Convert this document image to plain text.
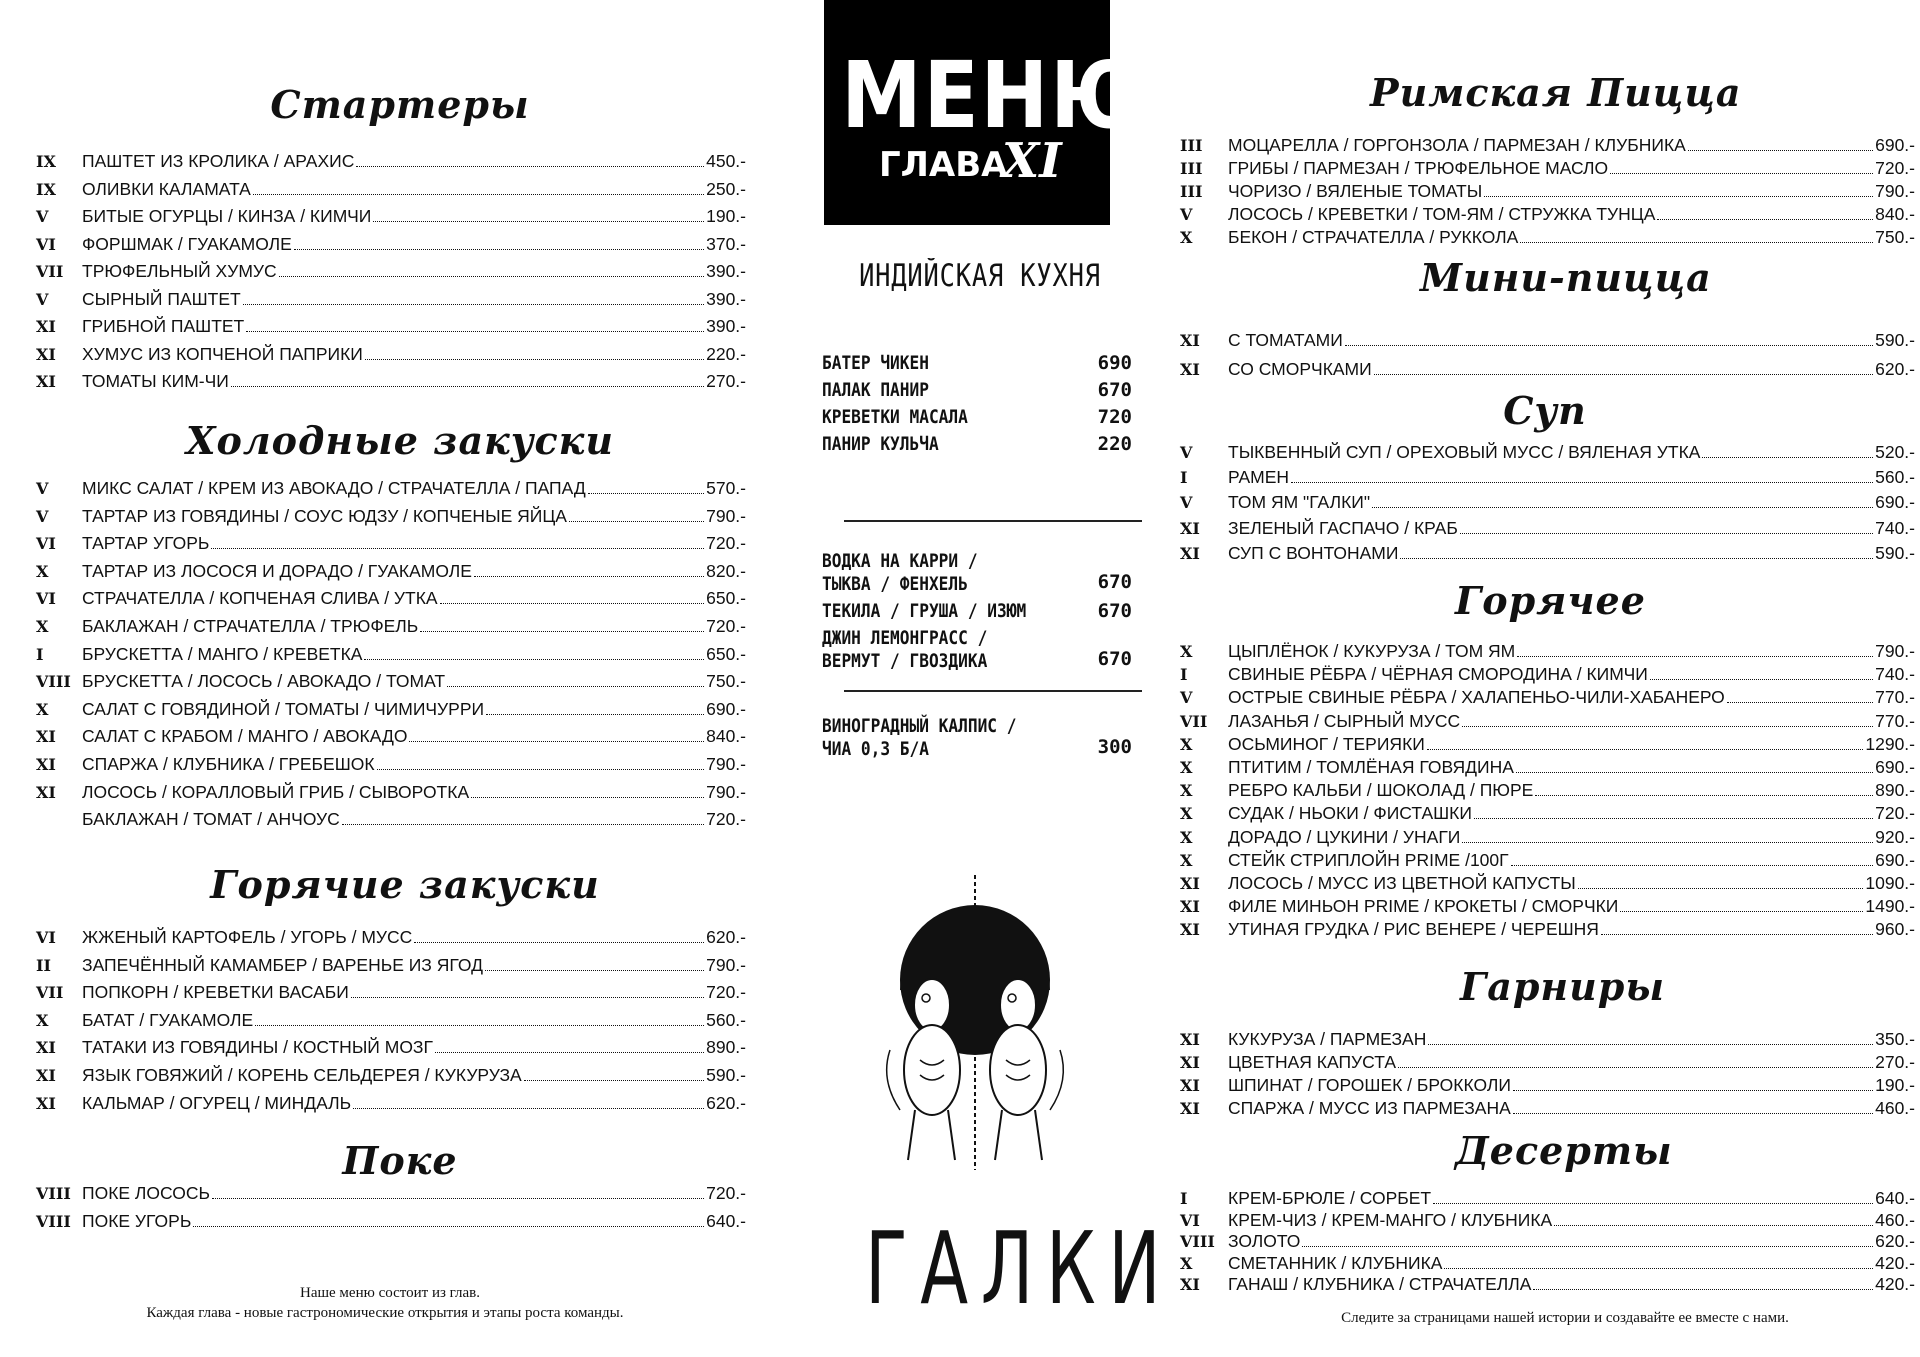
Стартеры
IX	ПАШТЕТ ИЗ КРОЛИКА / АРАХИС	450.-
IX	ОЛИВКИ КАЛАМАТА	250.-
V	БИТЫЕ ОГУРЦЫ / КИНЗА / КИМЧИ	190.-
VI	ФОРШМАК / ГУАКАМОЛЕ	370.-
VII	ТРЮФЕЛЬНЫЙ ХУМУС	390.-
V	СЫРНЫЙ ПАШТЕТ	390.-
XI	ГРИБНОЙ ПАШТЕТ	390.-
XI	ХУМУС ИЗ КОПЧЕНОЙ ПАПРИКИ	220.-
XI	ТОМАТЫ КИМ-ЧИ	270.-
Холодные закуски
V	МИКС САЛАТ / КРЕМ ИЗ АВОКАДО / СТРАЧАТЕЛЛА / ПАПАД	570.-
V	ТАРТАР ИЗ ГОВЯДИНЫ / СОУС ЮДЗУ / КОПЧЕНЫЕ ЯЙЦА	790.-
VI	ТАРТАР УГОРЬ	720.-
X	ТАРТАР ИЗ ЛОСОСЯ И ДОРАДО / ГУАКАМОЛЕ	820.-
VI	СТРАЧАТЕЛЛА / КОПЧЕНАЯ СЛИВА / УТКА	650.-
X	БАКЛАЖАН / СТРАЧАТЕЛЛА / ТРЮФЕЛЬ	720.-
I	БРУСКЕТТА / МАНГО / КРЕВЕТКА	650.-
VIII БРУСКЕТТА / ЛОСОСЬ / АВОКАДО / ТОМАТ	750.-
X	САЛАТ С ГОВЯДИНОЙ / ТОМАТЫ / ЧИМИЧУРРИ	690.-
XI	САЛАТ С КРАБОМ / МАНГО / АВОКАДО	840.-
XI	СПАРЖА / КЛУБНИКА / ГРЕБЕШОК	790.-
XI	ЛОСОСЬ / КОРАЛЛОВЫЙ ГРИБ / СЫВОРОТКА	790.-
БАКЛАЖАН / ТОМАТ / АНЧОУС	720.-
Горячие закуски
VI	ЖЖЕНЫЙ КАРТОФЕЛЬ / УГОРЬ / МУСС	620.-
II	ЗАПЕЧЁННЫЙ КАМАМБЕР / ВАРЕНЬЕ ИЗ ЯГОД	790.-
VII	ПОПКОРН / КРЕВЕТКИ ВАСАБИ	720.-
X	БАТАТ / ГУАКАМОЛЕ	560.-
XI	ТАТАКИ ИЗ ГОВЯДИНЫ / КОСТНЫЙ МОЗГ	890.-
XI	ЯЗЫК ГОВЯЖИЙ / КОРЕНЬ СЕЛЬДЕРЕЯ / КУКУРУЗА	590.-
XI	КАЛЬМАР / ОГУРЕЦ / МИНДАЛЬ	620.-
Поке
VIII ПОКЕ ЛОСОСЬ	720.-
VIII ПОКЕ УГОРЬ	640.-
Наше меню состоит из глав.
Каждая глава - новые гастрономические открытия и этапы роста команды.
МЕНЮ
ГЛАВА
XI
ИНДИЙСКАЯ КУХНЯ
БАТЕР ЧИКЕН	690
ПАЛАК ПАНИР	670
КРЕВЕТКИ МАСАЛА	720
ПАНИР КУЛЬЧА	220
ВОДКА НА КАРРИ / ТЫКВА / ФЕНХЕЛЬ	670
ТЕКИЛА / ГРУША / ИЗЮМ	670
ДЖИН ЛЕМОНГРАСС / ВЕРМУТ / ГВОЗДИКА	670
ВИНОГРАДНЫЙ КАЛПИС / ЧИА 0,3 Б/А	300
ГАЛКИ
Римская Пицца
III	МОЦАРЕЛЛА / ГОРГОНЗОЛА / ПАРМЕЗАН / КЛУБНИКА	690.-
III	ГРИБЫ / ПАРМЕЗАН / ТРЮФЕЛЬНОЕ МАСЛО	720.-
III	ЧОРИЗО / ВЯЛЕНЫЕ ТОМАТЫ	790.-
V	ЛОСОСЬ / КРЕВЕТКИ / ТОМ-ЯМ / СТРУЖКА ТУНЦА	840.-
X	БЕКОН / СТРАЧАТЕЛЛА / РУККОЛА	750.-
Мини-пицца
XI	С ТОМАТАМИ	590.-
XI	СО СМОРЧКАМИ	620.-
Суп
V	ТЫКВЕННЫЙ СУП / ОРЕХОВЫЙ МУСС / ВЯЛЕНАЯ УТКА	520.-
I	РАМЕН	560.-
V	ТОМ ЯМ "ГАЛКИ"	690.-
XI	ЗЕЛЕНЫЙ ГАСПАЧО / КРАБ	740.-
XI	СУП С ВОНТОНАМИ	590.-
Горячее
X	ЦЫПЛЁНОК / КУКУРУЗА / ТОМ ЯМ	790.-
I	СВИНЫЕ РЁБРА / ЧЁРНАЯ СМОРОДИНА / КИМЧИ	740.-
V	ОСТРЫЕ СВИНЫЕ РЁБРА / ХАЛАПЕНЬО-ЧИЛИ-ХАБАНЕРО	770.-
VII	ЛАЗАНЬЯ / СЫРНЫЙ МУСС	770.-
X	ОСЬМИНОГ / ТЕРИЯКИ	1290.-
X	ПТИТИМ / ТОМЛЁНАЯ ГОВЯДИНА	690.-
X	РЕБРО КАЛЬБИ / ШОКОЛАД / ПЮРЕ	890.-
X	СУДАК / НЬОКИ / ФИСТАШКИ	720.-
X	ДОРАДО / ЦУКИНИ / УНАГИ	920.-
X	СТЕЙК СТРИПЛОЙН PRIME /100Г	690.-
XI	ЛОСОСЬ / МУСС ИЗ ЦВЕТНОЙ КАПУСТЫ	1090.-
XI	ФИЛЕ МИНЬОН PRIME / КРОКЕТЫ / СМОРЧКИ	1490.-
XI	УТИНАЯ ГРУДКА / РИС ВЕНЕРЕ / ЧЕРЕШНЯ	960.-
Гарниры
XI	КУКУРУЗА / ПАРМЕЗАН	350.-
XI	ЦВЕТНАЯ КАПУСТА	270.-
XI	ШПИНАТ / ГОРОШЕК / БРОККОЛИ	190.-
XI	СПАРЖА / МУСС ИЗ ПАРМЕЗАНА	460.-
Десерты
I	КРЕМ-БРЮЛЕ / СОРБЕТ	640.-
VI	КРЕМ-ЧИЗ / КРЕМ-МАНГО / КЛУБНИКА	460.-
VIII ЗОЛОТО	620.-
X	СМЕТАННИК / КЛУБНИКА	420.-
XI	ГАНАШ / КЛУБНИКА / СТРАЧАТЕЛЛА	420.-
Следите за страницами нашей истории и создавайте ее вместе с нами.
